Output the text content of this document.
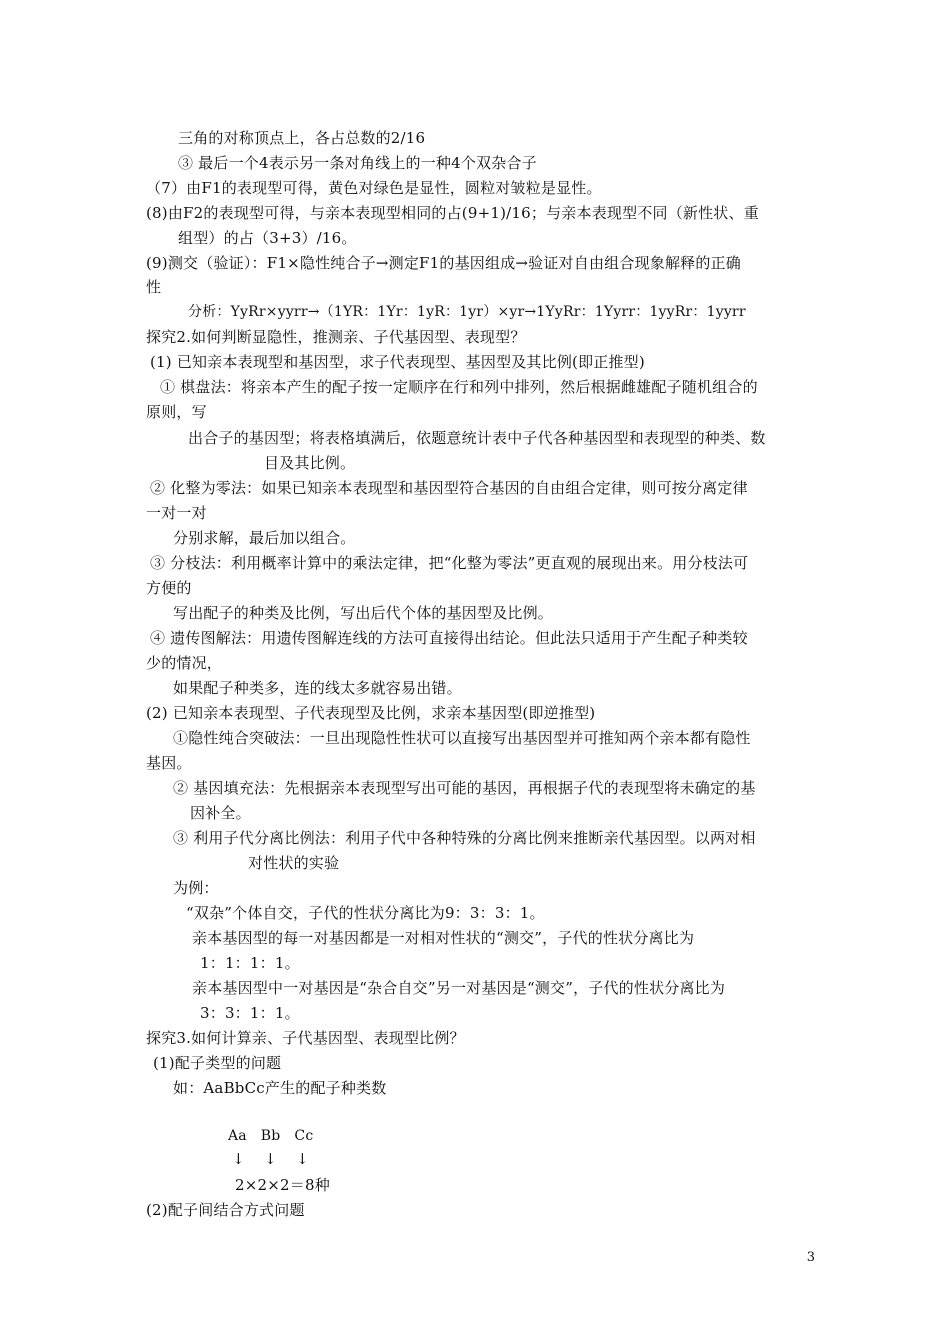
三角的对称顶点上，各占总数的2/16
③ 最后一个4表示另一条对角线上的一种4个双杂合子
（7）由F1的表现型可得，黄色对绿色是显性，圆粒对皱粒是显性。
(8)由F2的表现型可得，与亲本表现型相同的占(9+1)/16；与亲本表现型不同（新性状、重
组型）的占（3+3）/16。
(9)测交（验证）：F1×隐性纯合子→测定F1的基因组成→验证对自由组合现象解释的正确
性
分析：YyRr×yyrr→（1YR：1Yr：1yR：1yr）×yr→1YyRr：1Yyrr：1yyRr：1yyrr
探究2.如何判断显隐性，推测亲、子代基因型、表现型？
(1) 已知亲本表现型和基因型，求子代表现型、基因型及其比例(即正推型)
① 棋盘法：将亲本产生的配子按一定顺序在行和列中排列，然后根据雌雄配子随机组合的
原则，写
出合子的基因型；将表格填满后，依题意统计表中子代各种基因型和表现型的种类、数
目及其比例。
② 化整为零法：如果已知亲本表现型和基因型符合基因的自由组合定律，则可按分离定律
一对一对
分别求解，最后加以组合。
③ 分枝法：利用概率计算中的乘法定律，把“化整为零法”更直观的展现出来。用分枝法可
方便的
写出配子的种类及比例，写出后代个体的基因型及比例。
④ 遗传图解法：用遗传图解连线的方法可直接得出结论。但此法只适用于产生配子种类较
少的情况，
如果配子种类多，连的线太多就容易出错。
(2) 已知亲本表现型、子代表现型及比例，求亲本基因型(即逆推型)
①隐性纯合突破法：一旦出现隐性性状可以直接写出基因型并可推知两个亲本都有隐性
基因。
② 基因填充法：先根据亲本表现型写出可能的基因，再根据子代的表现型将未确定的基
因补全。
③ 利用子代分离比例法：利用子代中各种特殊的分离比例来推断亲代基因型。以两对相
对性状的实验
为例：
“双杂”个体自交，子代的性状分离比为9：3：3：1。
亲本基因型的每一对基因都是一对相对性状的“测交”，子代的性状分离比为
1：1：1：1。
亲本基因型中一对基因是“杂合自交”另一对基因是“测交”，子代的性状分离比为
3：3：1：1。
探究3.如何计算亲、子代基因型、表现型比例？
(1)配子类型的问题
如：AaBbCc产生的配子种类数
Aa   Bb   Cc
↓ ↓ ↓
2×2×2＝8种
(2)配子间结合方式问题
3
